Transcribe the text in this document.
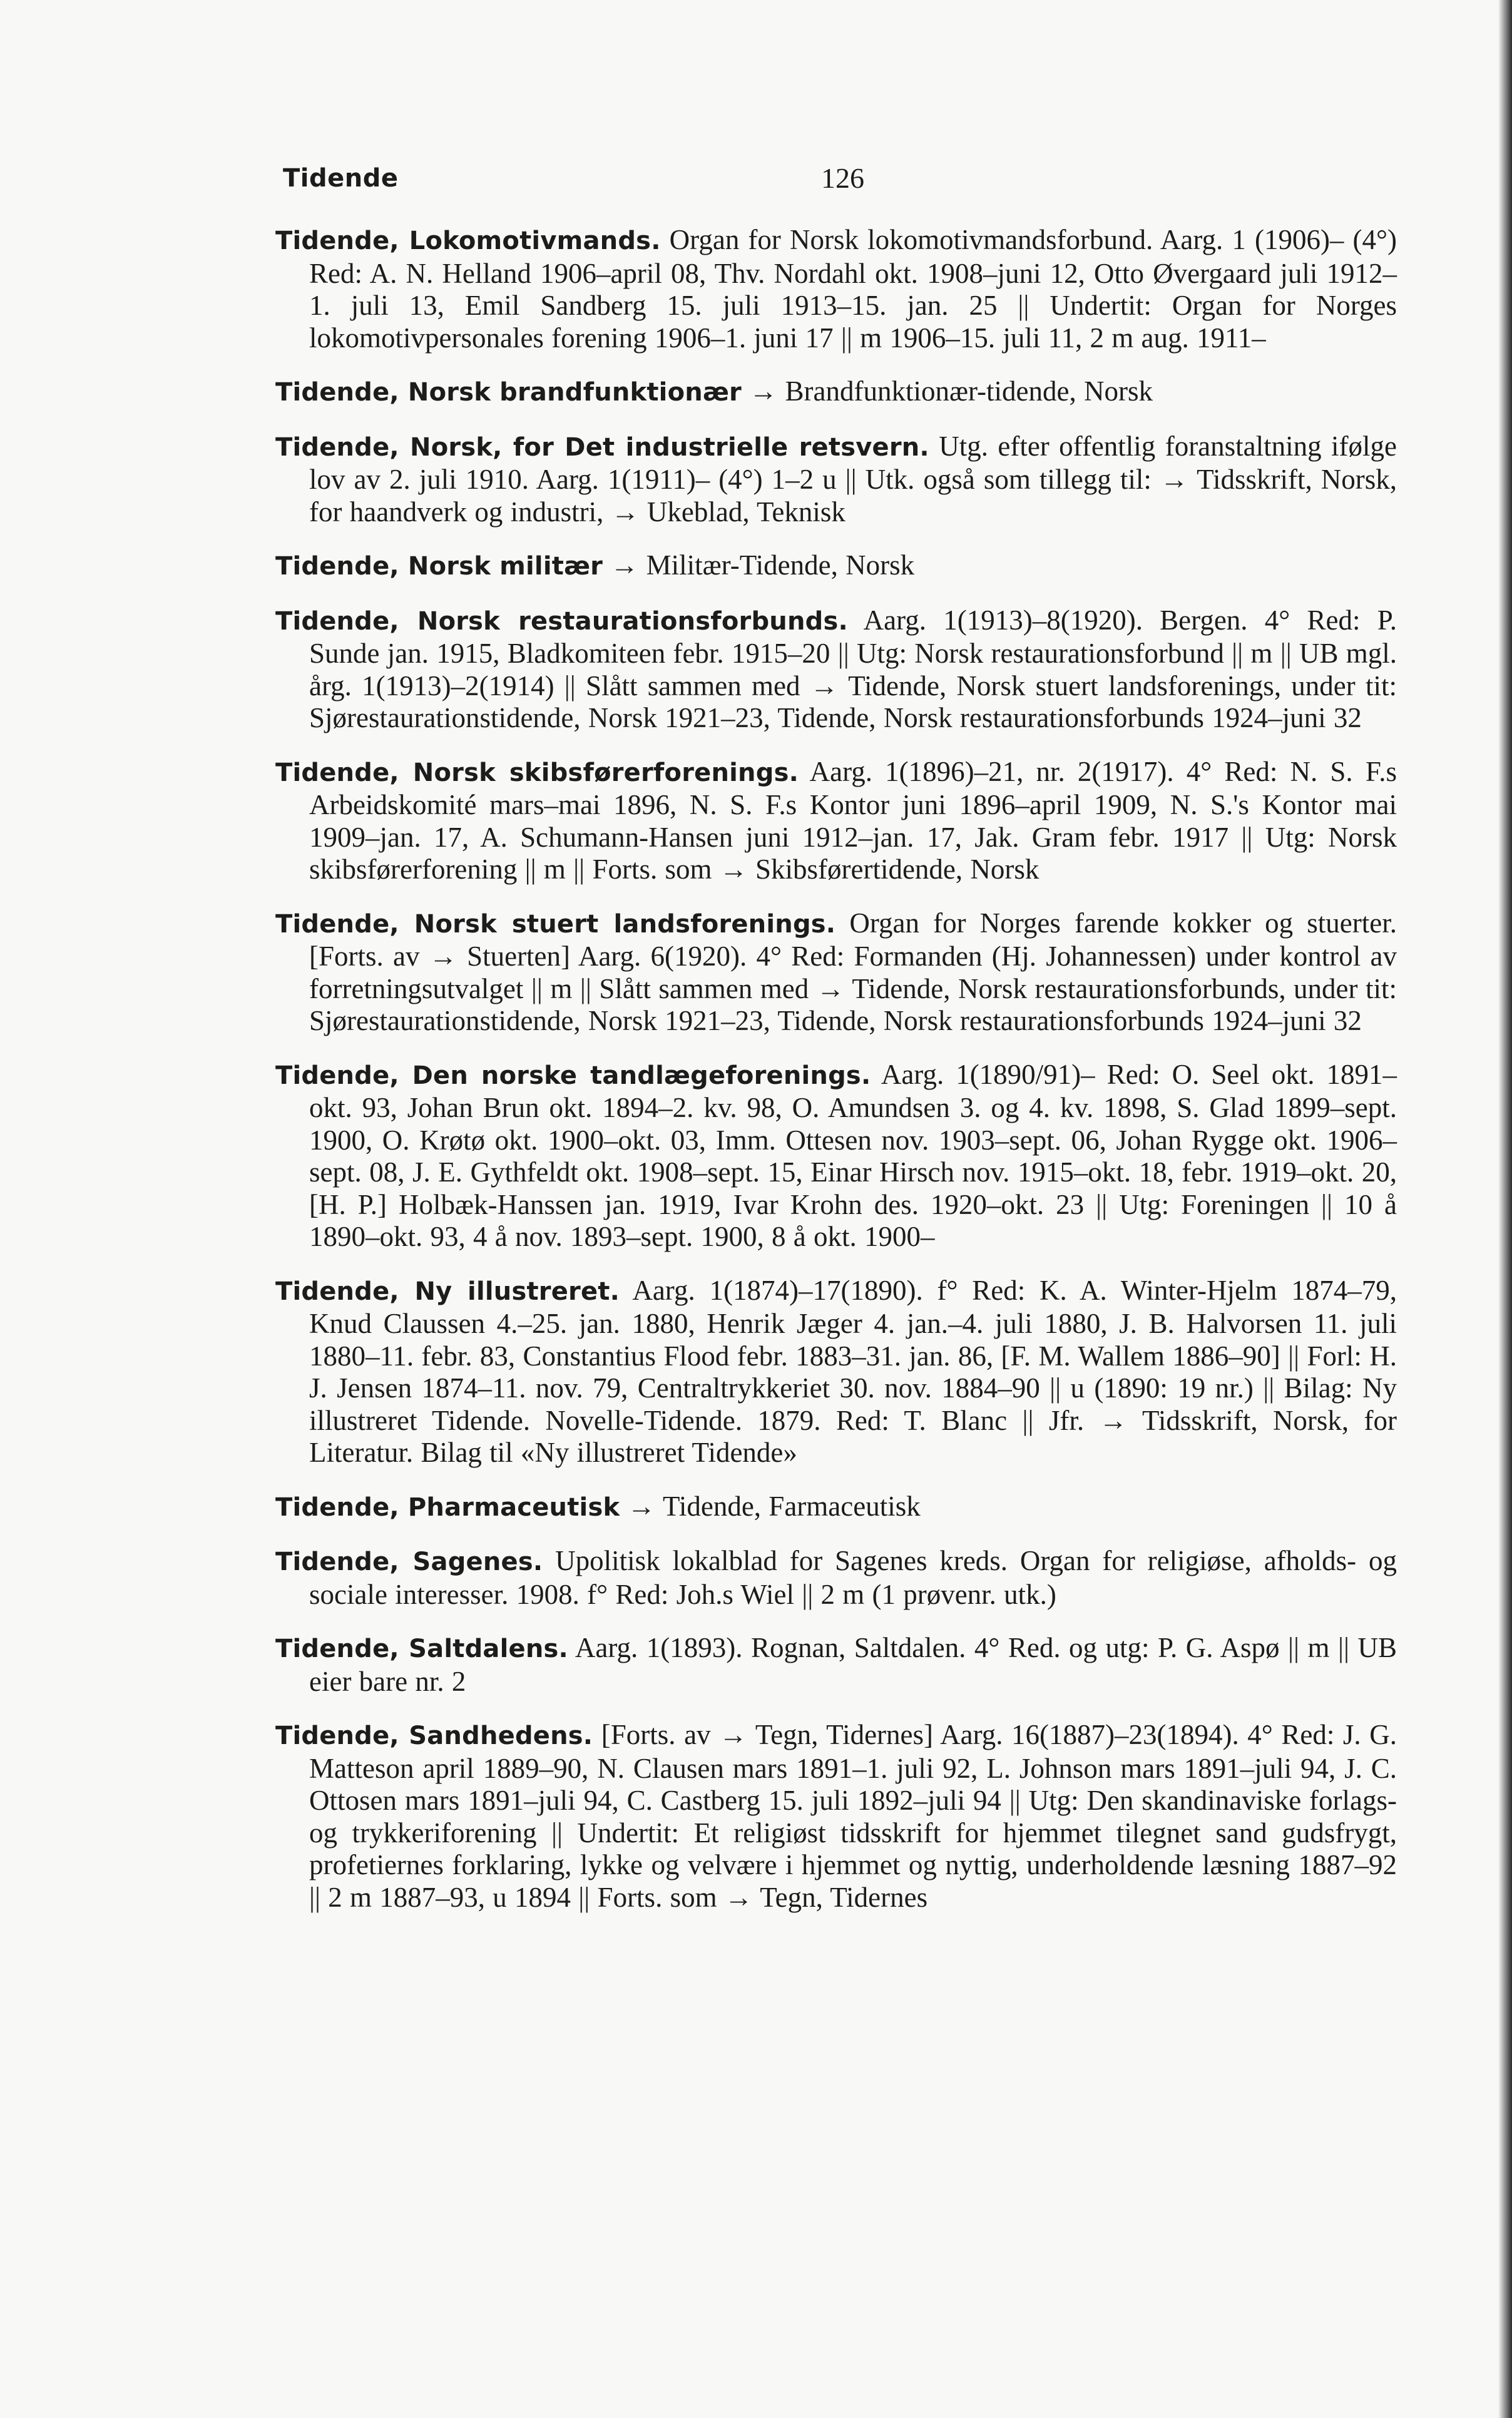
Tidende	126

Tidende, Lokomotivmands. Organ for Norsk lokomotivmandsforbund. Aarg. 1 (1906)– (4°) Red: A. N. Helland 1906–april 08, Thv. Nordahl okt. 1908–juni 12, Otto Øvergaard juli 1912–1. juli 13, Emil Sandberg 15. juli 1913–15. jan. 25 || Undertit: Organ for Norges lokomotivpersonales forening 1906–1. juni 17 || m 1906–15. juli 11, 2 m aug. 1911–

Tidende, Norsk brandfunktionær → Brandfunktionær-tidende, Norsk

Tidende, Norsk, for Det industrielle retsvern. Utg. efter offentlig foranstaltning ifølge lov av 2. juli 1910. Aarg. 1(1911)– (4°) 1–2 u || Utk. også som tillegg til: → Tidsskrift, Norsk, for haandverk og industri, → Ukeblad, Teknisk

Tidende, Norsk militær → Militær-Tidende, Norsk

Tidende, Norsk restaurationsforbunds. Aarg. 1(1913)–8(1920). Bergen. 4° Red: P. Sunde jan. 1915, Bladkomiteen febr. 1915–20 || Utg: Norsk restaurationsforbund || m || UB mgl. årg. 1(1913)–2(1914) || Slått sammen med → Tidende, Norsk stuert landsforenings, under tit: Sjørestaurationstidende, Norsk 1921–23, Tidende, Norsk restaurationsforbunds 1924–juni 32

Tidende, Norsk skibsførerforenings. Aarg. 1(1896)–21, nr. 2(1917). 4° Red: N. S. F.s Arbeidskomité mars–mai 1896, N. S. F.s Kontor juni 1896–april 1909, N. S.'s Kontor mai 1909–jan. 17, A. Schumann-Hansen juni 1912–jan. 17, Jak. Gram febr. 1917 || Utg: Norsk skibsførerforening || m || Forts. som → Skibsførertidende, Norsk

Tidende, Norsk stuert landsforenings. Organ for Norges farende kokker og stuerter. [Forts. av → Stuerten] Aarg. 6(1920). 4° Red: Formanden (Hj. Johannessen) under kontrol av forretningsutvalget || m || Slått sammen med → Tidende, Norsk restaurationsforbunds, under tit: Sjørestaurationstidende, Norsk 1921–23, Tidende, Norsk restaurationsforbunds 1924–juni 32

Tidende, Den norske tandlægeforenings. Aarg. 1(1890/91)– Red: O. Seel okt. 1891–okt. 93, Johan Brun okt. 1894–2. kv. 98, O. Amundsen 3. og 4. kv. 1898, S. Glad 1899–sept. 1900, O. Krøtø okt. 1900–okt. 03, Imm. Ottesen nov. 1903–sept. 06, Johan Rygge okt. 1906–sept. 08, J. E. Gythfeldt okt. 1908–sept. 15, Einar Hirsch nov. 1915–okt. 18, febr. 1919–okt. 20, [H. P.] Holbæk-Hanssen jan. 1919, Ivar Krohn des. 1920–okt. 23 || Utg: Foreningen || 10 å 1890–okt. 93, 4 å nov. 1893–sept. 1900, 8 å okt. 1900–

Tidende, Ny illustreret. Aarg. 1(1874)–17(1890). f° Red: K. A. Winter-Hjelm 1874–79, Knud Claussen 4.–25. jan. 1880, Henrik Jæger 4. jan.–4. juli 1880, J. B. Halvorsen 11. juli 1880–11. febr. 83, Constantius Flood febr. 1883–31. jan. 86, [F. M. Wallem 1886–90] || Forl: H. J. Jensen 1874–11. nov. 79, Centraltrykkeriet 30. nov. 1884–90 || u (1890: 19 nr.) || Bilag: Ny illustreret Tidende. Novelle-Tidende. 1879. Red: T. Blanc || Jfr. → Tidsskrift, Norsk, for Literatur. Bilag til «Ny illustreret Tidende»

Tidende, Pharmaceutisk → Tidende, Farmaceutisk

Tidende, Sagenes. Upolitisk lokalblad for Sagenes kreds. Organ for religiøse, afholds- og sociale interesser. 1908. f° Red: Joh.s Wiel || 2 m (1 prøvenr. utk.)

Tidende, Saltdalens. Aarg. 1(1893). Rognan, Saltdalen. 4° Red. og utg: P. G. Aspø || m || UB eier bare nr. 2

Tidende, Sandhedens. [Forts. av → Tegn, Tidernes] Aarg. 16(1887)–23(1894). 4° Red: J. G. Matteson april 1889–90, N. Clausen mars 1891–1. juli 92, L. Johnson mars 1891–juli 94, J. C. Ottosen mars 1891–juli 94, C. Castberg 15. juli 1892–juli 94 || Utg: Den skandinaviske forlags- og trykkeriforening || Undertit: Et religiøst tidsskrift for hjemmet tilegnet sand gudsfrygt, profetiernes forklaring, lykke og velvære i hjemmet og nyttig, underholdende læsning 1887–92 || 2 m 1887–93, u 1894 || Forts. som → Tegn, Tidernes
